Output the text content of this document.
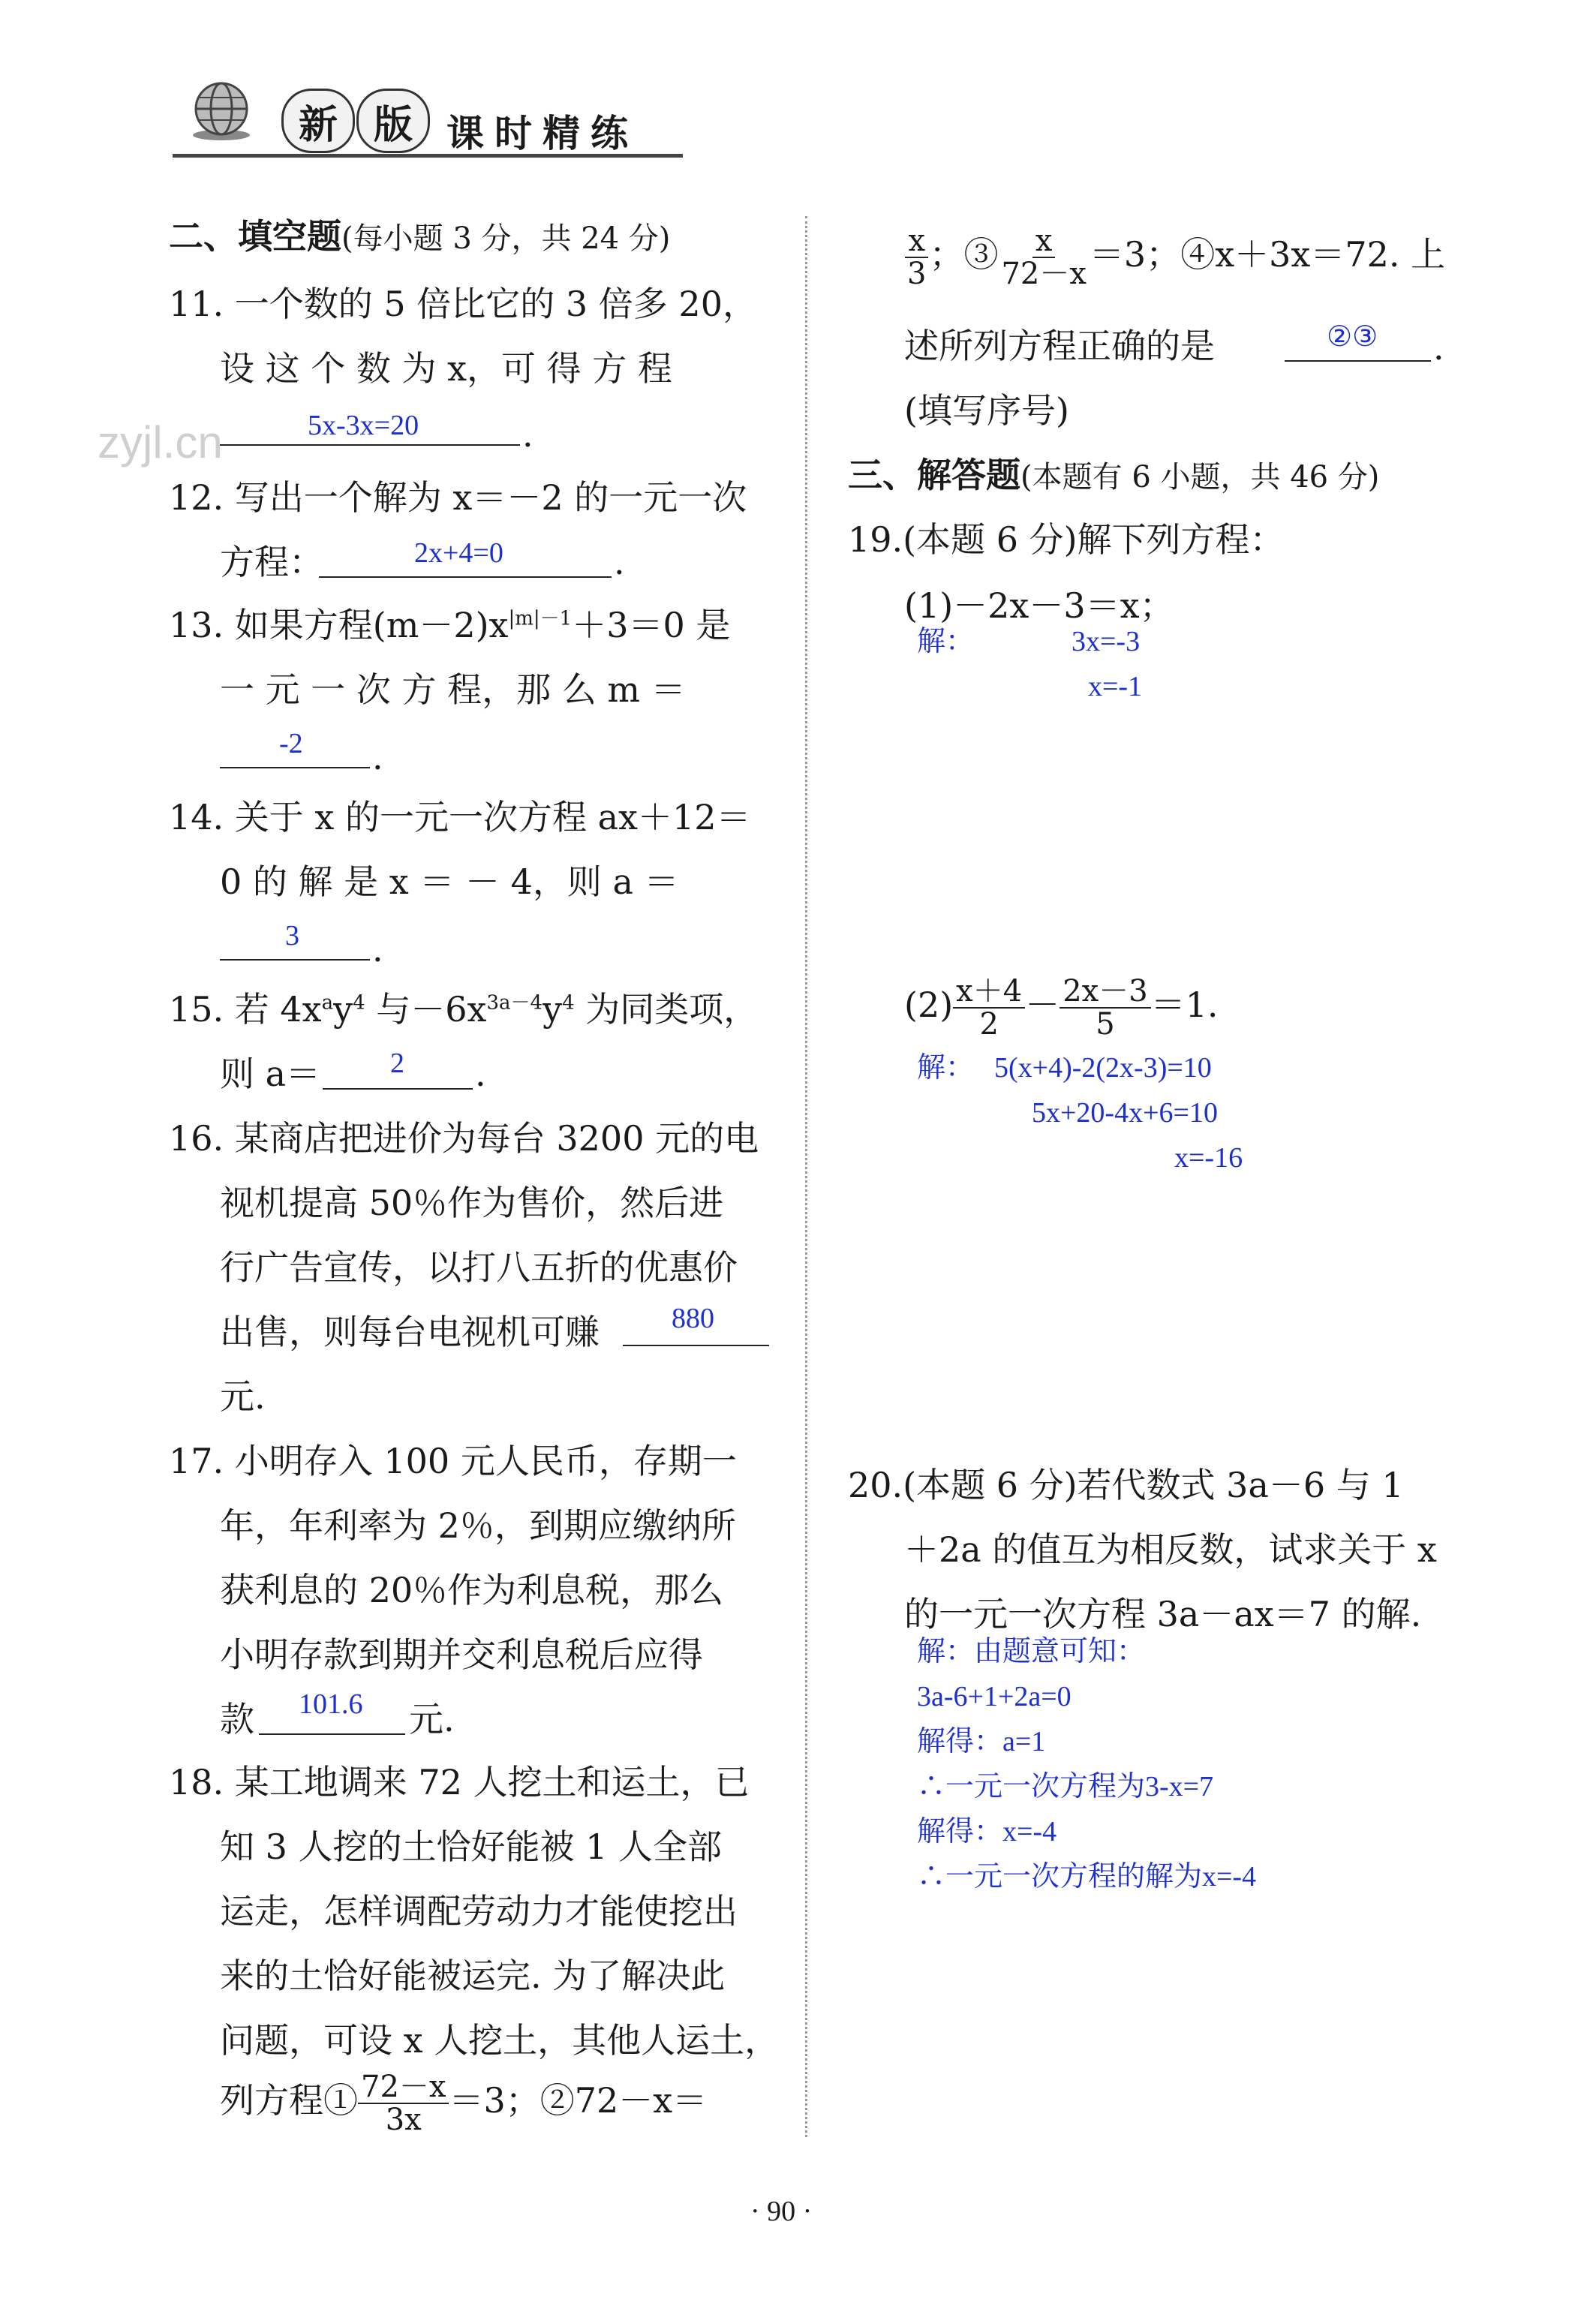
新 版 课时精练
zyjl.cn
二、填空题(每小题 3 分，共 24 分)
11. 一个数的 5 倍比它的 3 倍多 20，
设 这 个 数 为 x，可 得 方 程
5x-3x=20	.
12. 写出一个解为 x＝－2 的一元一次
方程：	2x+4=0	.
13. 如果方程$(m-2)x^{|m|-1}+3=0$ 是
一 元 一 次 方 程，那 么 m ＝
-2 .
14. 关于 x 的一元一次方程 ax＋12＝
0 的 解 是 x ＝ － 4，则 a ＝
3 .
15. 若 $4x^ay^4$ 与$-6x^{3a-4}y^4$ 为同类项，
则 a＝ 2 .
16. 某商店把进价为每台 3200 元的电
视机提高 50％作为售价，然后进
行广告宣传，以打八五折的优惠价
出售，则每台电视机可赚	880
元.
17. 小明存入 100 元人民币，存期一
年，年利率为 2％，到期应缴纳所
获利息的 20％作为利息税，那么
小明存款到期并交利息税后应得
款 101.6 元.
18. 某工地调来 72 人挖土和运土，已
知 3 人挖的土恰好能被 1 人全部
运走，怎样调配劳动力才能使挖出
来的土恰好能被运完. 为了解决此
问题，可设 x 人挖土，其他人运土，
列方程① $\frac{72-x}{3x} =3$；②72－x＝
$\frac{x}{3}$ ；③ $\frac{x}{72-x} =3$；④x＋3x＝72. 上
述所列方程正确的是	②③ .
(填写序号)
三、解答题(本题有 6 小题，共 46 分)
19.(本题 6 分)解下列方程：
(1)－2x－3＝x；
解：	3x=-3
x=-1
$(2) \frac{x+4}{2} - \frac{2x-3}{5} =1$.
解： 5(x+4)-2(2x-3)=10
5x+20-4x+6=10
x=-16
20.(本题 6 分)若代数式 3a－6 与 1
＋2a 的值互为相反数，试求关于 x
的一元一次方程 3a－ax＝7 的解.
解：由题意可知：
3a-6+1+2a=0
解得：a=1
∴一元一次方程为3-x=7
解得：x=-4
∴一元一次方程的解为x=-4
· 90 ·
